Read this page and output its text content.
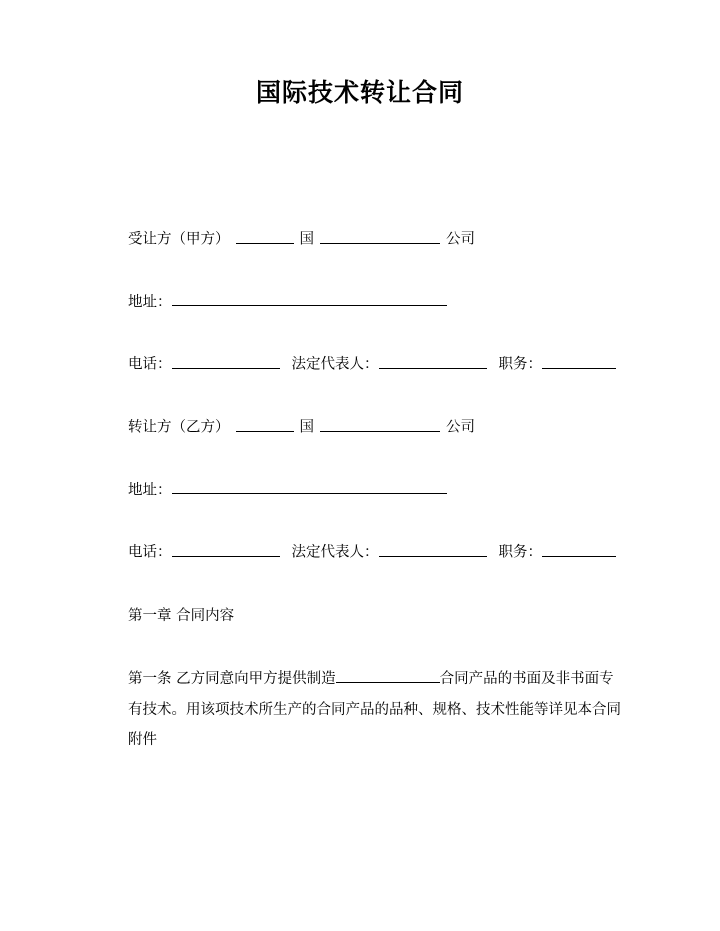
国际技术转让合同
受让方（甲方）	国	公司
地址：
电话：	法定代表人：	职务：
转让方（乙方）	国	公司
地址：
电话：	法定代表人：	职务：
第一章 合同内容

第一条 乙方同意向甲方提供制造	合同产品的书面及非书面专有技术。用该项技术所生产的合同产品的品种、规格、技术性能等详见本合同附件
